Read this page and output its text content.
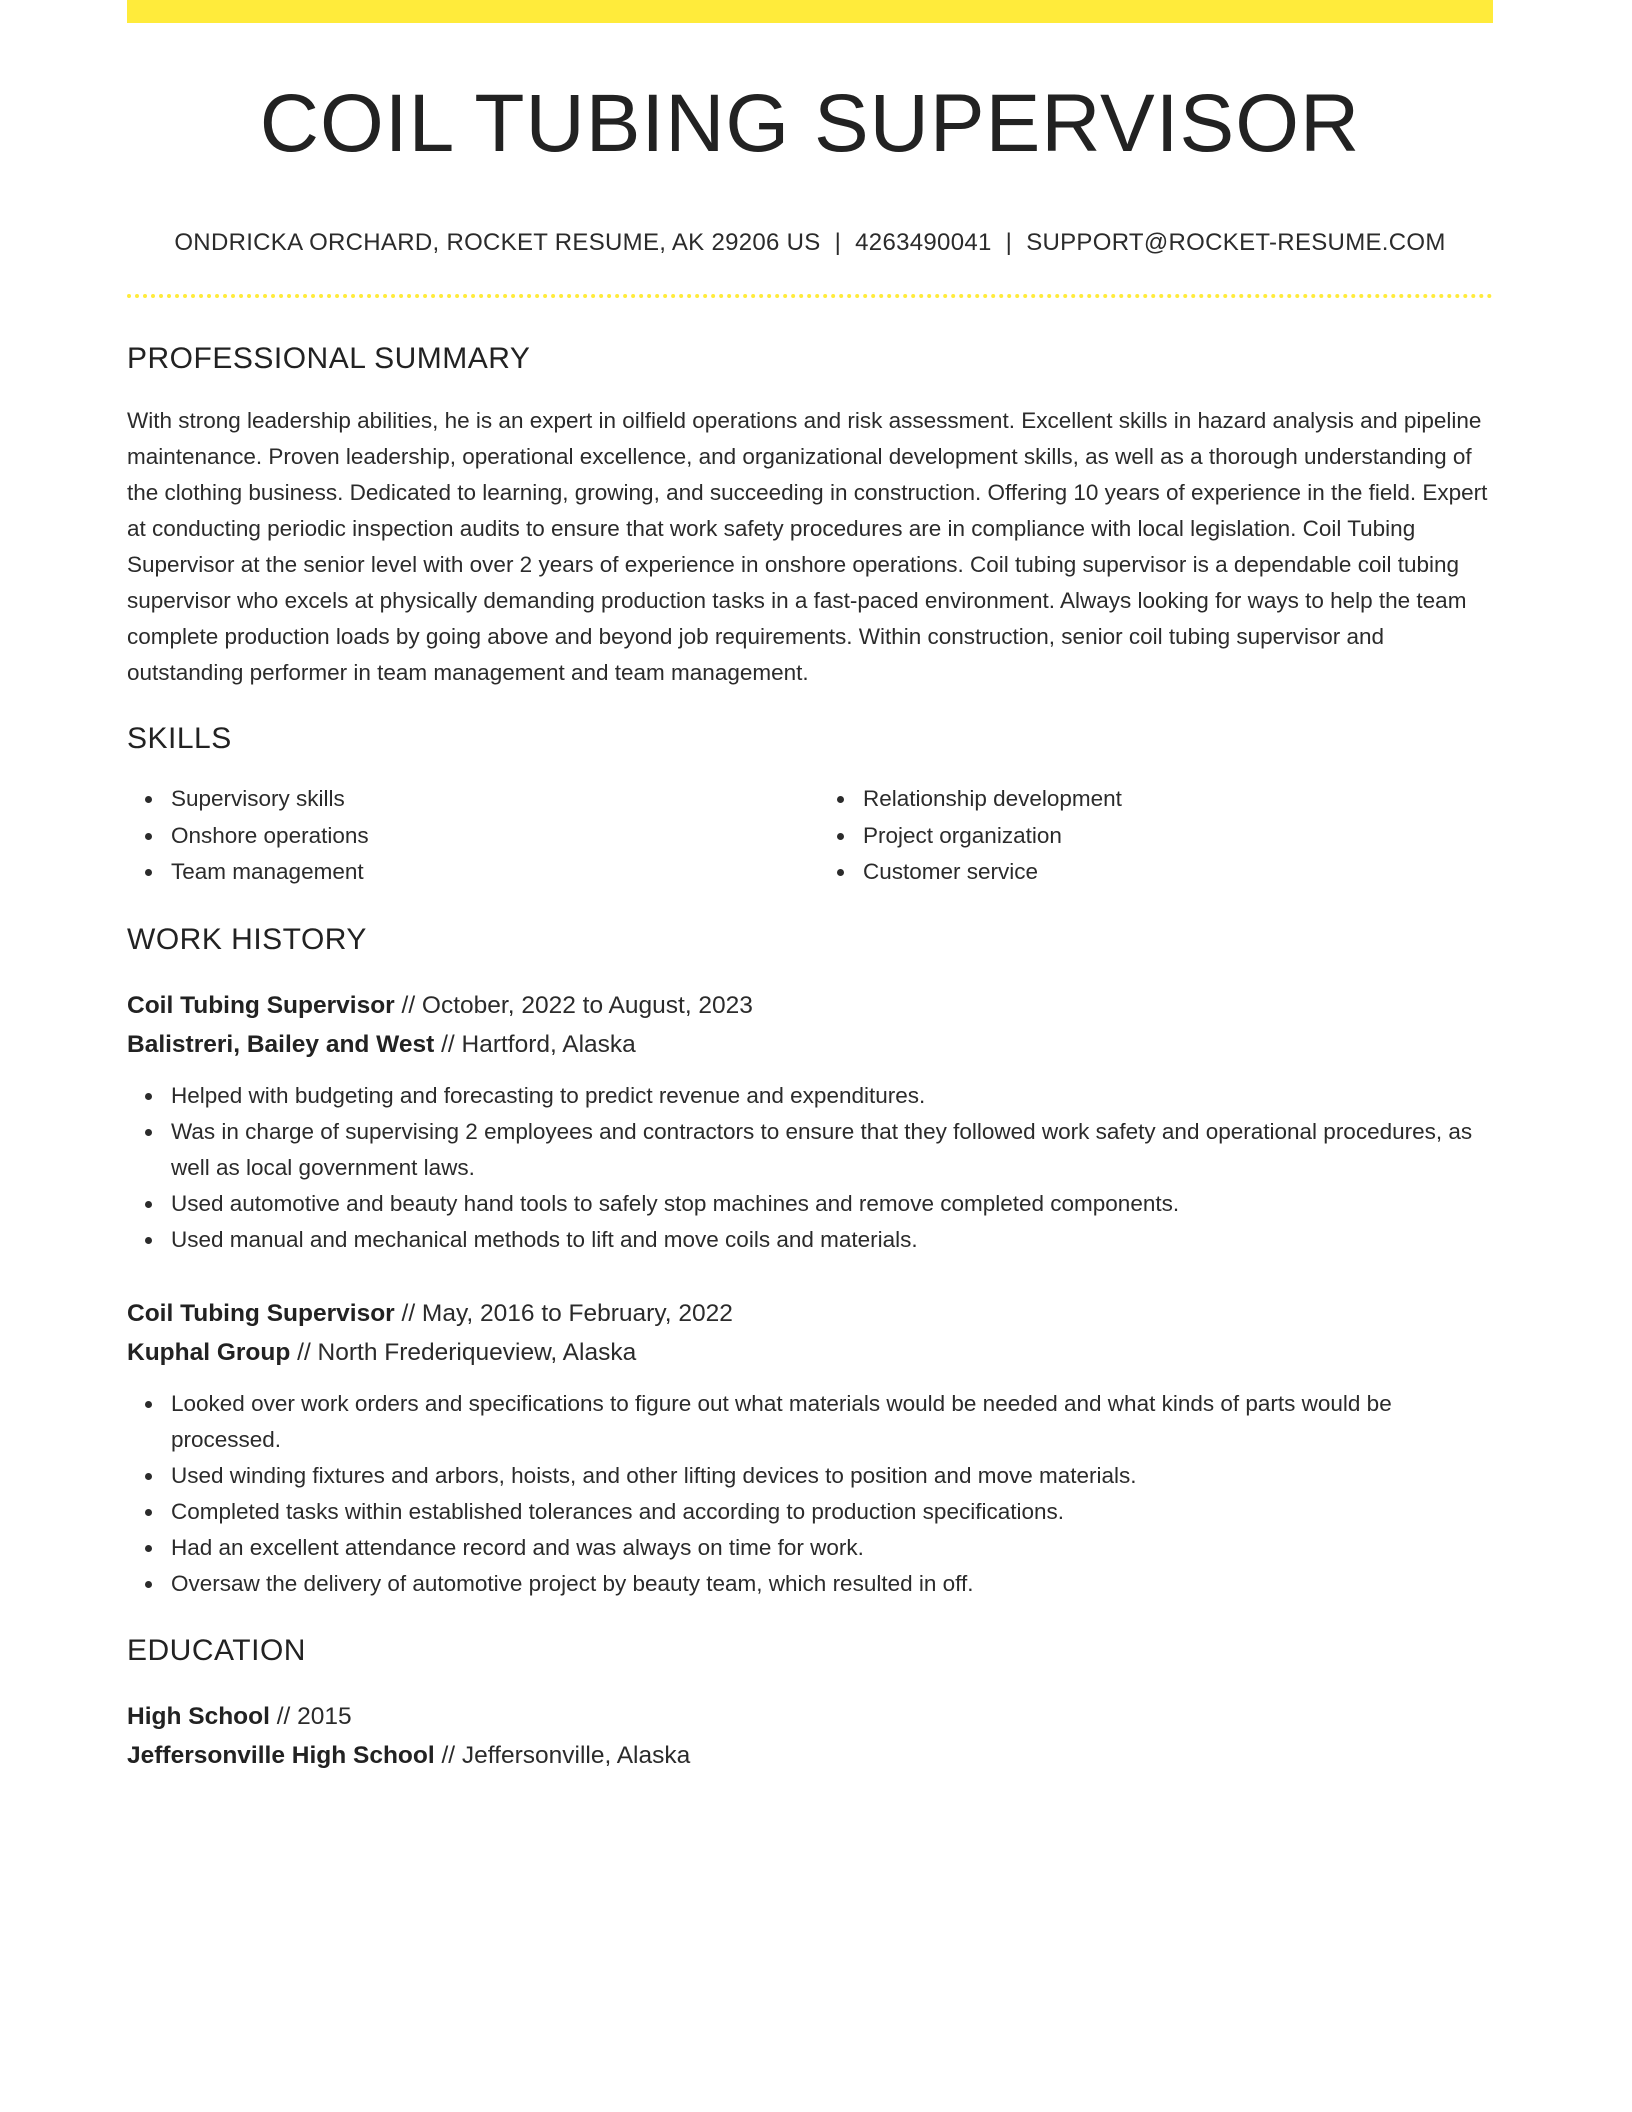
COIL TUBING SUPERVISOR
ONDRICKA ORCHARD, ROCKET RESUME, AK 29206 US | 4263490041 | SUPPORT@ROCKET-RESUME.COM
PROFESSIONAL SUMMARY

With strong leadership abilities, he is an expert in oilfield operations and risk assessment. Excellent skills in hazard analysis and pipeline maintenance. Proven leadership, operational excellence, and organizational development skills, as well as a thorough understanding of the clothing business. Dedicated to learning, growing, and succeeding in construction. Offering 10 years of experience in the field. Expert at conducting periodic inspection audits to ensure that work safety procedures are in compliance with local legislation. Coil Tubing Supervisor at the senior level with over 2 years of experience in onshore operations. Coil tubing supervisor is a dependable coil tubing supervisor who excels at physically demanding production tasks in a fast-paced environment. Always looking for ways to help the team complete production loads by going above and beyond job requirements. Within construction, senior coil tubing supervisor and outstanding performer in team management and team management.

SKILLS
Supervisory skills
Onshore operations
Team management
Relationship development
Project organization
Customer service
WORK HISTORY
Coil Tubing Supervisor // October, 2022 to August, 2023
Balistreri, Bailey and West // Hartford, Alaska
Helped with budgeting and forecasting to predict revenue and expenditures.
Was in charge of supervising 2 employees and contractors to ensure that they followed work safety and operational procedures, as well as local government laws.
Used automotive and beauty hand tools to safely stop machines and remove completed components.
Used manual and mechanical methods to lift and move coils and materials.
Coil Tubing Supervisor // May, 2016 to February, 2022
Kuphal Group // North Frederiqueview, Alaska
Looked over work orders and specifications to figure out what materials would be needed and what kinds of parts would be processed.
Used winding fixtures and arbors, hoists, and other lifting devices to position and move materials.
Completed tasks within established tolerances and according to production specifications.
Had an excellent attendance record and was always on time for work.
Oversaw the delivery of automotive project by beauty team, which resulted in off.
EDUCATION
High School // 2015
Jeffersonville High School // Jeffersonville, Alaska
